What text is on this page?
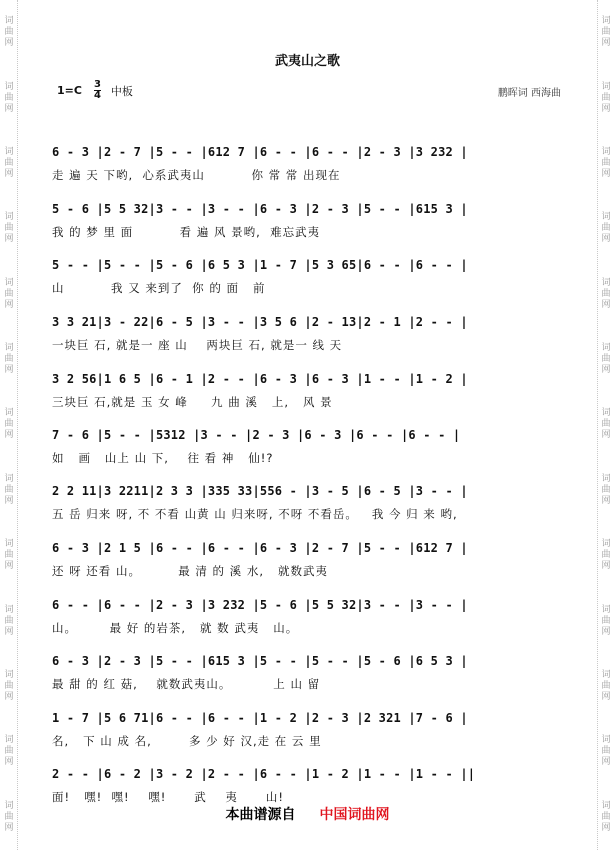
词
曲
网
词
曲
网
词
曲
网
词
曲
网
词
曲
网
词
曲
网
词
曲
网
词
曲
网
词
曲
网
词
曲
网
词
曲
网
词
曲
网
词
曲
网
词
曲
网
词
曲
网
词
曲
网
词
曲
网
词
曲
网
词
曲
网
词
曲
网
词
曲
网
词
曲
网
词
曲
网
词
曲
网
词
曲
网
词
曲
网
武夷山之歌
1=C 3
4 中板	鹏晖词 西海曲
6 - 3 |2 - 7 |5 - - |612 7 |6 - - |6 - - |2 - 3 |3 232 |
走 遍 天 下哟,  心系武夷山          你 常 常 出现在
5 - 6 |5 5 32|3 - - |3 - - |6 - 3 |2 - 3 |5 - - |615 3 |
我 的 梦 里 面          看 遍 风 景哟,  难忘武夷
5 - - |5 - - |5 - 6 |6 5 3 |1 - 7 |5 3 65|6 - - |6 - - |
山          我 又 来到了  你 的 面   前
3 3 21|3 - 22|6 - 5 |3 - - |3 5 6 |2 - 13|2 - 1 |2 - - |
一块巨 石, 就是一 座 山    两块巨 石, 就是一 线 天
3 2 56|1 6 5 |6 - 1 |2 - - |6 - 3 |6 - 3 |1 - - |1 - 2 |
三块巨 石,就是 玉 女 峰     九 曲 溪   上,   风 景
7 - 6 |5 - - |5312 |3 - - |2 - 3 |6 - 3 |6 - - |6 - - |
如   画   山上 山 下,    往 看 神   仙!?
2 2 11|3 2211|2 3 3 |335 33|556 - |3 - 5 |6 - 5 |3 - - |
五 岳 归来 呀, 不 不看 山黄 山 归来呀, 不呀 不看岳。   我 今 归 来 哟,
6 - 3 |2 1 5 |6 - - |6 - - |6 - 3 |2 - 7 |5 - - |612 7 |
还 呀 还看 山。        最 清 的 溪 水,   就数武夷
6 - - |6 - - |2 - 3 |3 232 |5 - 6 |5 5 32|3 - - |3 - - |
山。       最 好 的岩茶,   就 数 武夷   山。
6 - 3 |2 - 3 |5 - - |615 3 |5 - - |5 - - |5 - 6 |6 5 3 |
最 甜 的 红 菇,    就数武夷山。         上 山 留
1 - 7 |5 6 71|6 - - |6 - - |1 - 2 |2 - 3 |2 321 |7 - 6 |
名,   下 山 成 名,        多 少 好 汉,走 在 云 里
2 - - |6 - 2 |3 - 2 |2 - - |6 - - |1 - 2 |1 - - |1 - - ||
面!   嘿!  嘿!    嘿!      武    夷      山!
本曲谱源自 中国词曲网
